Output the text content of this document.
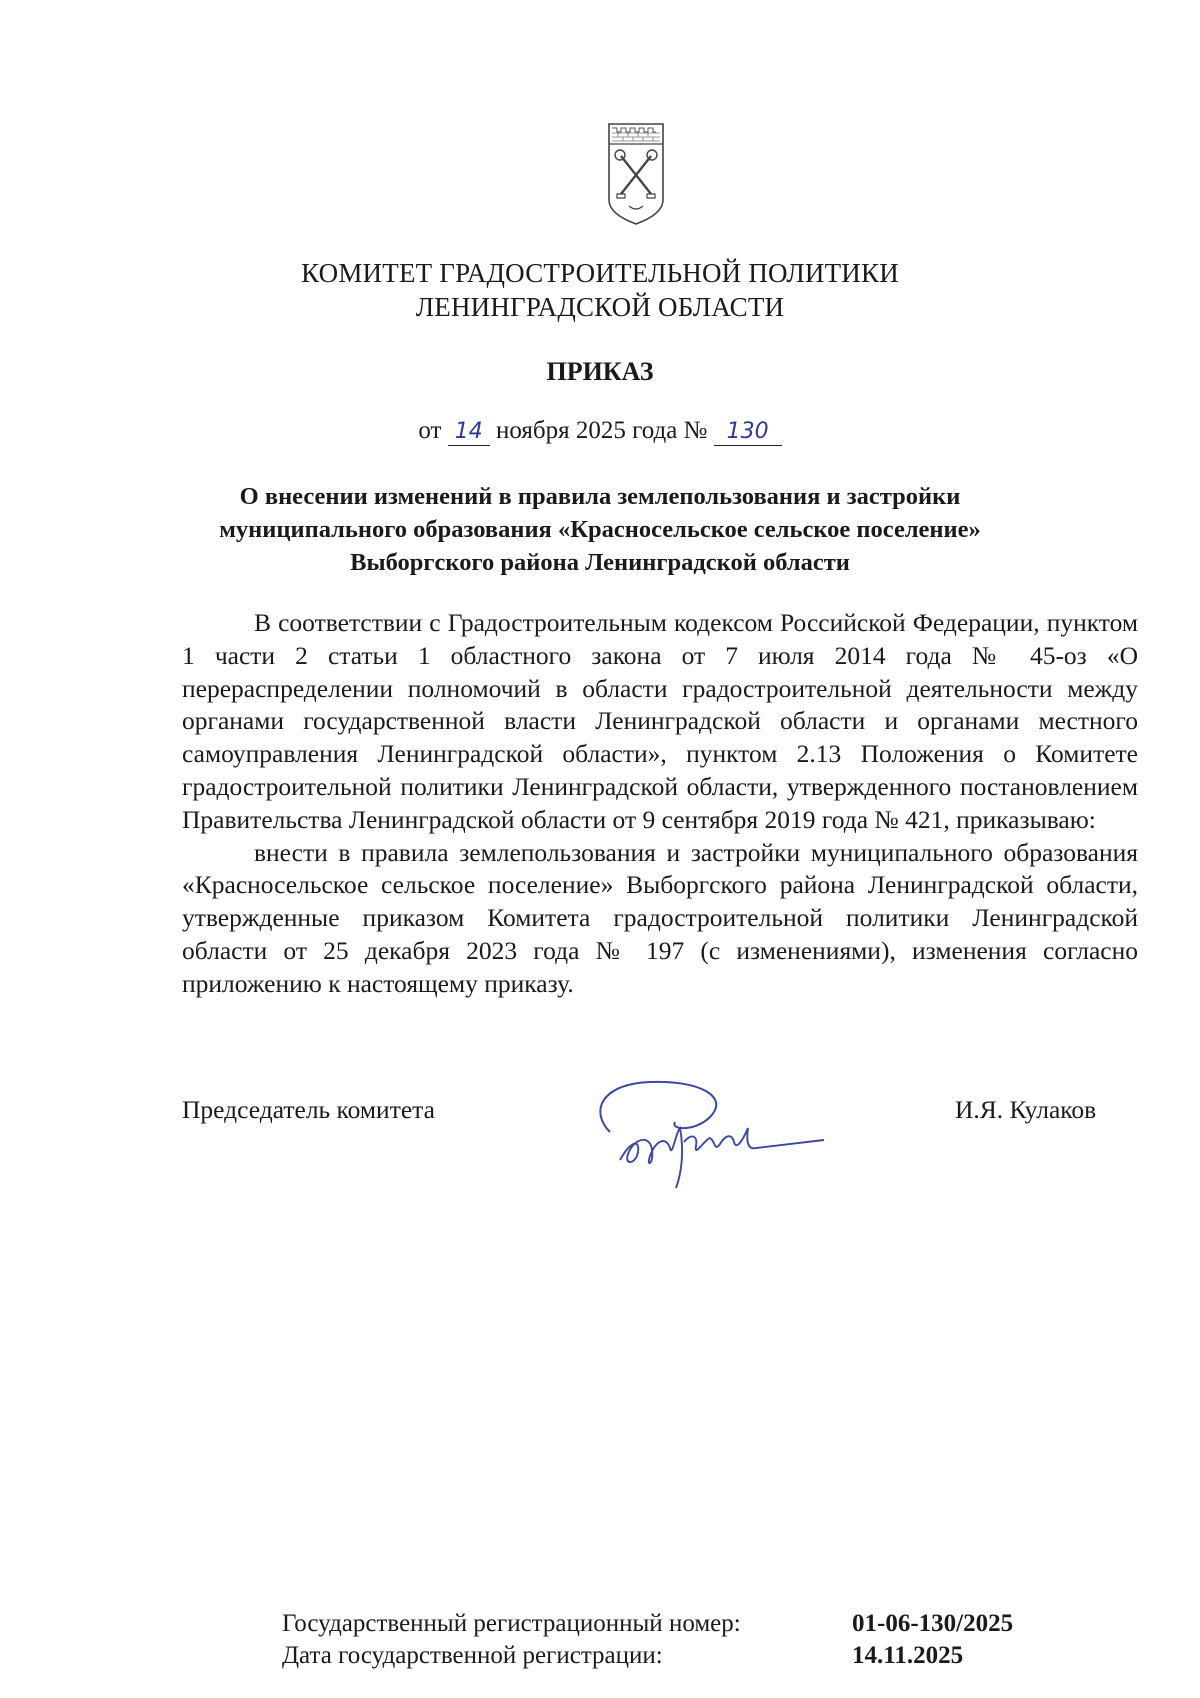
КОМИТЕТ ГРАДОСТРОИТЕЛЬНОЙ ПОЛИТИКИ
ЛЕНИНГРАДСКОЙ ОБЛАСТИ
ПРИКАЗ
от 14 ноября 2025 года № 130
О внесении изменений в правила землепользования и застройки
муниципального образования «Красносельское сельское поселение»
Выборгского района Ленинградской области

В соответствии с Градостроительным кодексом Российской Федерации, пунктом 1 части 2 статьи 1 областного закона от 7 июля 2014 года № 45-оз «О перераспределении полномочий в области градостроительной деятельности между органами государственной власти Ленинградской области и органами местного самоуправления Ленинградской области», пунктом 2.13 Положения о Комитете градостроительной политики Ленинградской области, утвержденного постановлением Правительства Ленинградской области от 9 сентября 2019 года № 421, приказываю:

внести в правила землепользования и застройки муниципального образования «Красносельское сельское поселение» Выборгского района Ленинградской области, утвержденные приказом Комитета градостроительной политики Ленинградской области от 25 декабря 2023 года № 197 (с изменениями), изменения согласно приложению к настоящему приказу.

Председатель комитета	И.Я. Кулаков
Государственный регистрационный номер:	01-06-130/2025
Дата государственной регистрации:	14.11.2025
